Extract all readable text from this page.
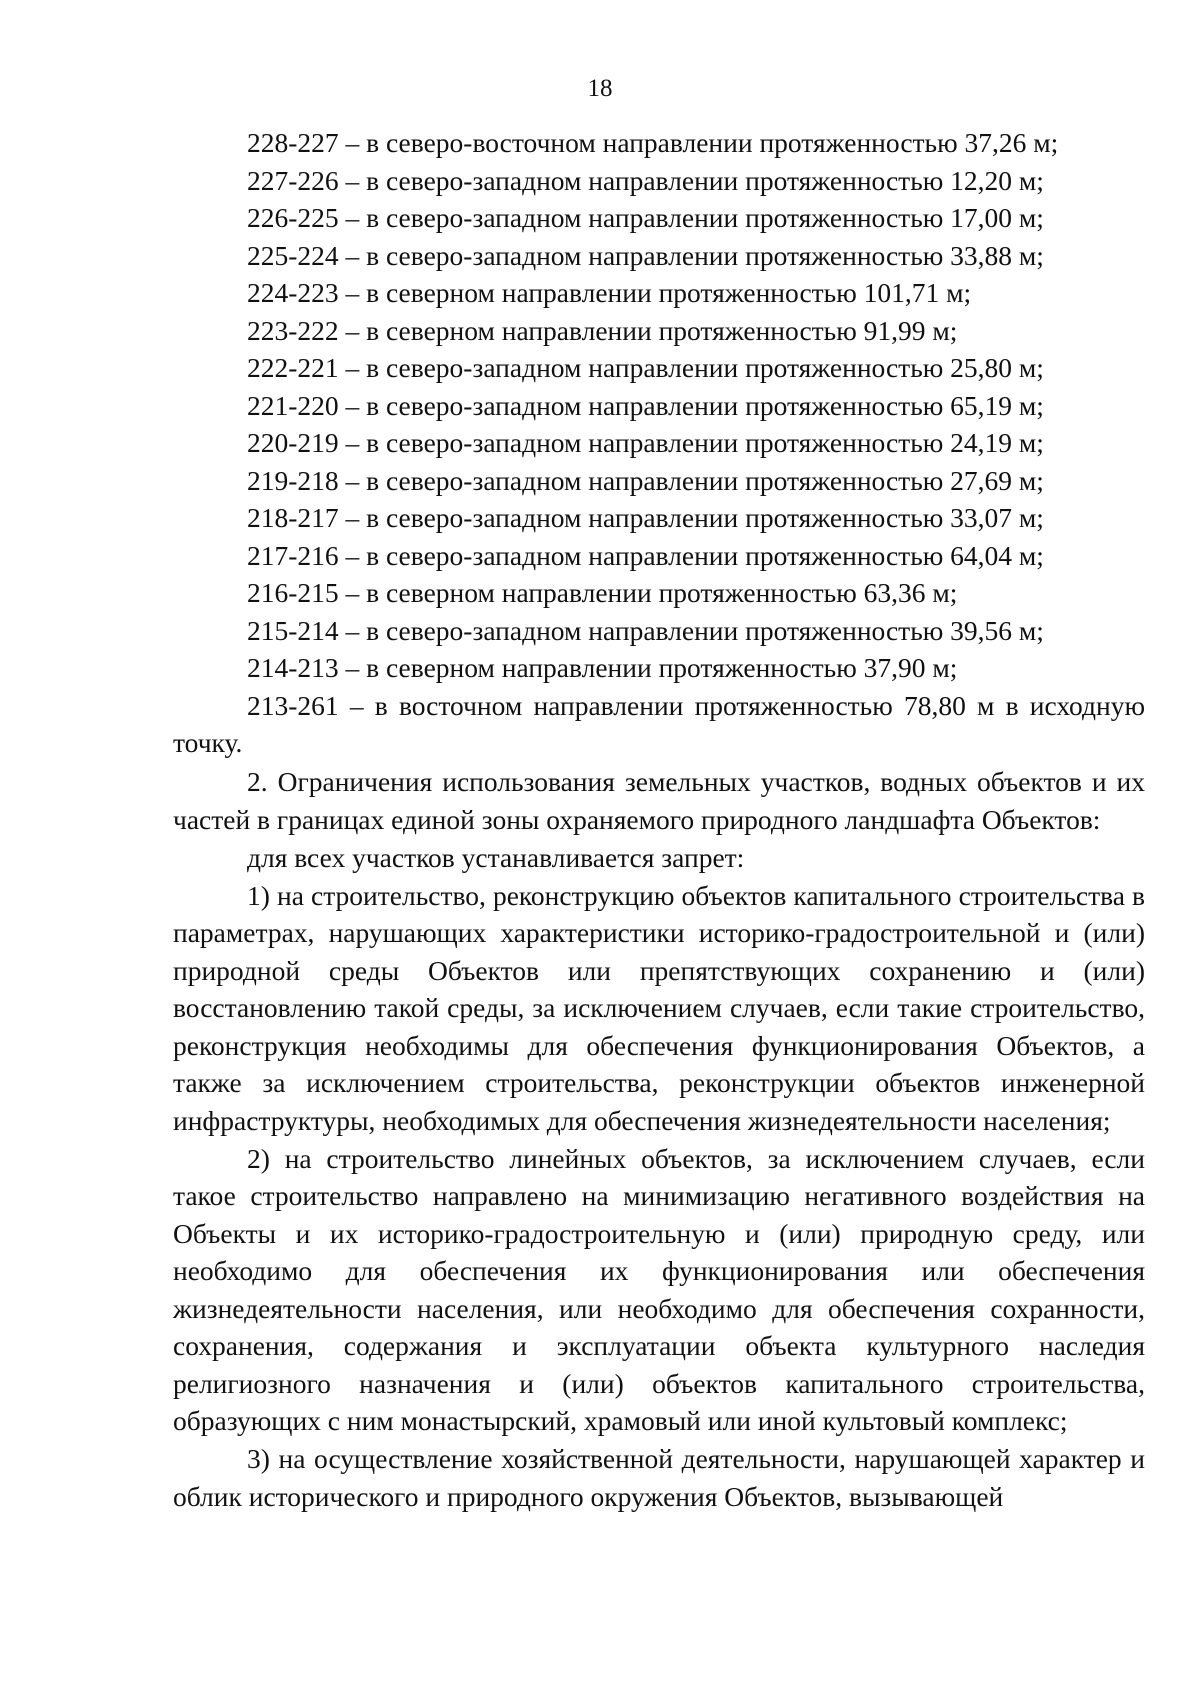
18
228-227 – в северо-восточном направлении протяженностью 37,26 м;
227-226 – в северо-западном направлении протяженностью 12,20 м;
226-225 – в северо-западном направлении протяженностью 17,00 м;
225-224 – в северо-западном направлении протяженностью 33,88 м;
224-223 – в северном направлении протяженностью 101,71 м;
223-222 – в северном направлении протяженностью 91,99 м;
222-221 – в северо-западном направлении протяженностью 25,80 м;
221-220 – в северо-западном направлении протяженностью 65,19 м;
220-219 – в северо-западном направлении протяженностью 24,19 м;
219-218 – в северо-западном направлении протяженностью 27,69 м;
218-217 – в северо-западном направлении протяженностью 33,07 м;
217-216 – в северо-западном направлении протяженностью 64,04 м;
216-215 – в северном направлении протяженностью 63,36 м;
215-214 – в северо-западном направлении протяженностью 39,56 м;
214-213 – в северном направлении протяженностью 37,90 м;
213-261 – в восточном направлении протяженностью 78,80 м в исходную точку.

2. Ограничения использования земельных участков, водных объектов и их частей в границах единой зоны охраняемого природного ландшафта Объектов:

для всех участков устанавливается запрет:

1) на строительство, реконструкцию объектов капитального строительства в параметрах, нарушающих характеристики историко-градостроительной и (или) природной среды Объектов или препятствующих сохранению и (или) восстановлению такой среды, за исключением случаев, если такие строительство, реконструкция необходимы для обеспечения функционирования Объектов, а также за исключением строительства, реконструкции объектов инженерной инфраструктуры, необходимых для обеспечения жизнедеятельности населения;

2) на строительство линейных объектов, за исключением случаев, если такое строительство направлено на минимизацию негативного воздействия на Объекты и их историко-градостроительную и (или) природную среду, или необходимо для обеспечения их функционирования или обеспечения жизнедеятельности населения, или необходимо для обеспечения сохранности, сохранения, содержания и эксплуатации объекта культурного наследия религиозного назначения и (или) объектов капитального строительства, образующих с ним монастырский, храмовый или иной культовый комплекс;

3) на осуществление хозяйственной деятельности, нарушающей характер и облик исторического и природного окружения Объектов, вызывающей
